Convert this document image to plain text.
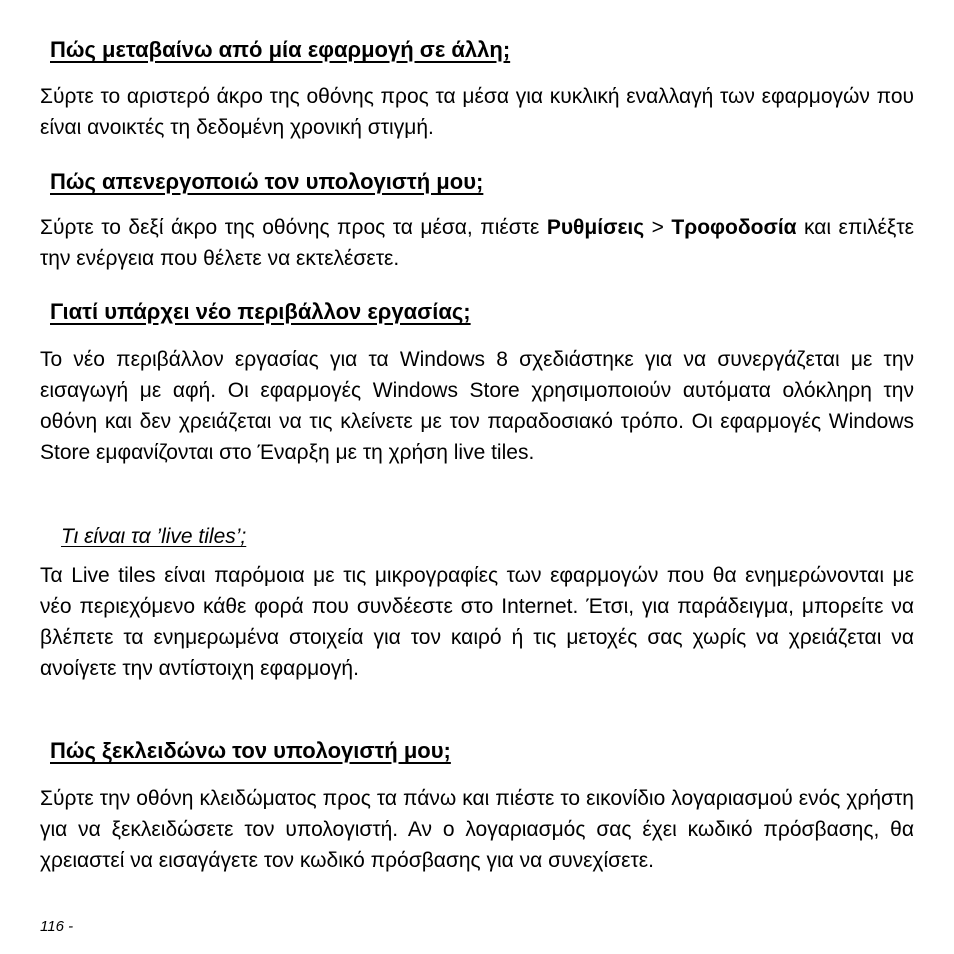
Πώς μεταβαίνω από μία εφαρμογή σε άλλη;

Σύρτε το αριστερό άκρο της οθόνης προς τα μέσα για κυκλική εναλλαγή των εφαρμογών που είναι ανοικτές τη δεδομένη χρονική στιγμή.

Πώς απενεργοποιώ τον υπολογιστή μου;

Σύρτε το δεξί άκρο της οθόνης προς τα μέσα, πιέστε Ρυθμίσεις > Τροφοδοσία και επιλέξτε την ενέργεια που θέλετε να εκτελέσετε.

Γιατί υπάρχει νέο περιβάλλον εργασίας;

Το νέο περιβάλλον εργασίας για τα Windows 8 σχεδιάστηκε για να συνεργάζεται με την εισαγωγή με αφή. Οι εφαρμογές Windows Store χρησιμοποιούν αυτόματα ολόκληρη την οθόνη και δεν χρειάζεται να τις κλείνετε με τον παραδοσιακό τρόπο. Οι εφαρμογές Windows Store εμφανίζονται στο Έναρξη με τη χρήση live tiles.

Τι είναι τα ’live tiles’;

Τα Live tiles είναι παρόμοια με τις μικρογραφίες των εφαρμογών που θα ενημερώνονται με νέο περιεχόμενο κάθε φορά που συνδέεστε στο Internet. Έτσι, για παράδειγμα, μπορείτε να βλέπετε τα ενημερωμένα στοιχεία για τον καιρό ή τις μετοχές σας χωρίς να χρειάζεται να ανοίγετε την αντίστοιχη εφαρμογή.

Πώς ξεκλειδώνω τον υπολογιστή μου;

Σύρτε την οθόνη κλειδώματος προς τα πάνω και πιέστε το εικονίδιο λογαριασμού ενός χρήστη για να ξεκλειδώσετε τον υπολογιστή. Αν ο λογαριασμός σας έχει κωδικό πρόσβασης, θα χρειαστεί να εισαγάγετε τον κωδικό πρόσβασης για να συνεχίσετε.

116 -
